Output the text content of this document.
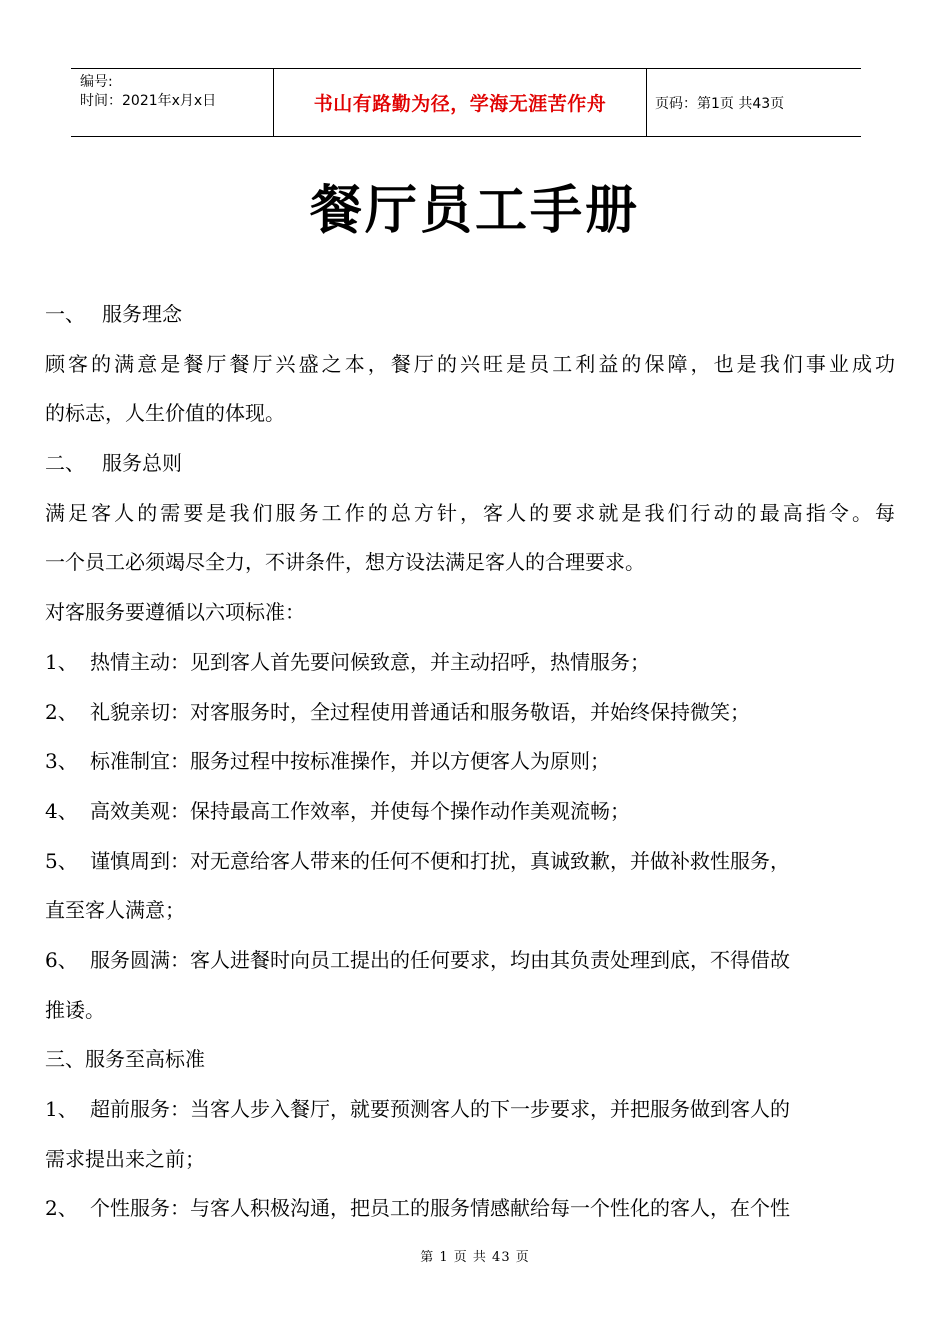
编号:
时间：2021年x月x日	书山有路勤为径，学海无涯苦作舟	页码：第1页 共43页
餐厅员工手册
一、 服务理念
顾客的满意是餐厅餐厅兴盛之本，餐厅的兴旺是员工利益的保障，也是我们事业成功
的标志，人生价值的体现。
二、 服务总则
满足客人的需要是我们服务工作的总方针，客人的要求就是我们行动的最高指令。每
一个员工必须竭尽全力，不讲条件，想方设法满足客人的合理要求。
对客服务要遵循以六项标准：
1、 热情主动：见到客人首先要问候致意，并主动招呼，热情服务；
2、 礼貌亲切：对客服务时，全过程使用普通话和服务敬语，并始终保持微笑；
3、 标准制宜：服务过程中按标准操作，并以方便客人为原则；
4、 高效美观：保持最高工作效率，并使每个操作动作美观流畅；
5、 谨慎周到：对无意给客人带来的任何不便和打扰，真诚致歉，并做补救性服务，
直至客人满意；
6、 服务圆满：客人进餐时向员工提出的任何要求，均由其负责处理到底，不得借故
推诿。
三、服务至高标准
1、 超前服务：当客人步入餐厅，就要预测客人的下一步要求，并把服务做到客人的
需求提出来之前；
2、 个性服务：与客人积极沟通，把员工的服务情感献给每一个性化的客人，在个性
第 1 页 共 43 页
